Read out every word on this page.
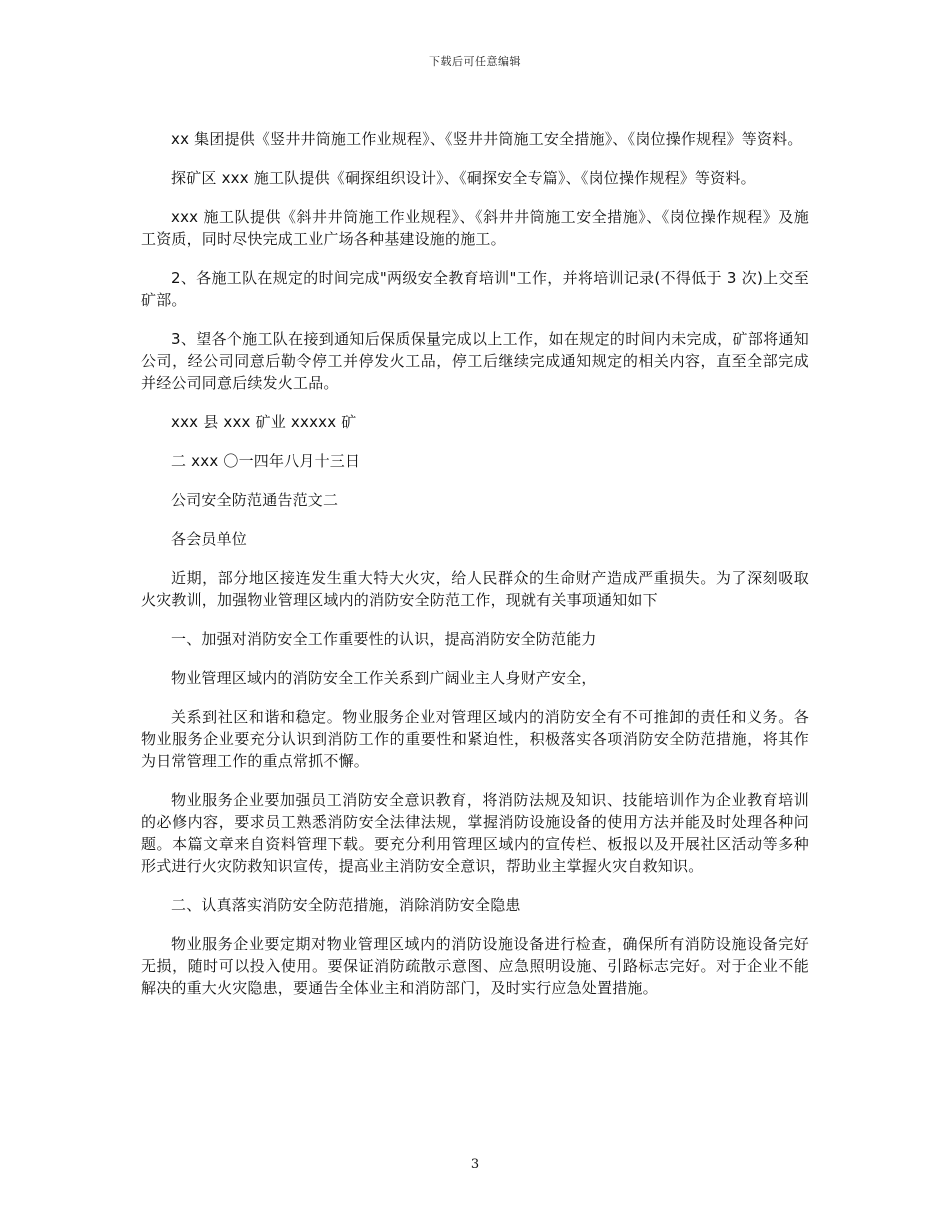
下载后可任意编辑

xx 集团提供《竖井井筒施工作业规程》、《竖井井筒施工安全措施》、《岗位操作规程》等资料。

探矿区 xxx 施工队提供《硐探组织设计》、《硐探安全专篇》、《岗位操作规程》等资料。

xxx 施工队提供《斜井井筒施工作业规程》、《斜井井筒施工安全措施》、《岗位操作规程》及施工资质，同时尽快完成工业广场各种基建设施的施工。

2、各施工队在规定的时间完成"两级安全教育培训"工作，并将培训记录(不得低于 3 次)上交至矿部。

3、望各个施工队在接到通知后保质保量完成以上工作，如在规定的时间内未完成，矿部将通知公司，经公司同意后勒令停工并停发火工品，停工后继续完成通知规定的相关内容，直至全部完成并经公司同意后续发火工品。

xxx 县 xxx 矿业 xxxxx 矿

二 xxx 〇一四年八月十三日

公司安全防范通告范文二

各会员单位

近期，部分地区接连发生重大特大火灾，给人民群众的生命财产造成严重损失。为了深刻吸取火灾教训，加强物业管理区域内的消防安全防范工作，现就有关事项通知如下

一、加强对消防安全工作重要性的认识，提高消防安全防范能力

物业管理区域内的消防安全工作关系到广阔业主人身财产安全，

关系到社区和谐和稳定。物业服务企业对管理区域内的消防安全有不可推卸的责任和义务。各物业服务企业要充分认识到消防工作的重要性和紧迫性，积极落实各项消防安全防范措施，将其作为日常管理工作的重点常抓不懈。

物业服务企业要加强员工消防安全意识教育，将消防法规及知识、技能培训作为企业教育培训的必修内容，要求员工熟悉消防安全法律法规，掌握消防设施设备的使用方法并能及时处理各种问题。本篇文章来自资料管理下载。要充分利用管理区域内的宣传栏、板报以及开展社区活动等多种形式进行火灾防救知识宣传，提高业主消防安全意识，帮助业主掌握火灾自救知识。

二、认真落实消防安全防范措施，消除消防安全隐患

物业服务企业要定期对物业管理区域内的消防设施设备进行检查，确保所有消防设施设备完好无损，随时可以投入使用。要保证消防疏散示意图、应急照明设施、引路标志完好。对于企业不能解决的重大火灾隐患，要通告全体业主和消防部门，及时实行应急处置措施。

3
